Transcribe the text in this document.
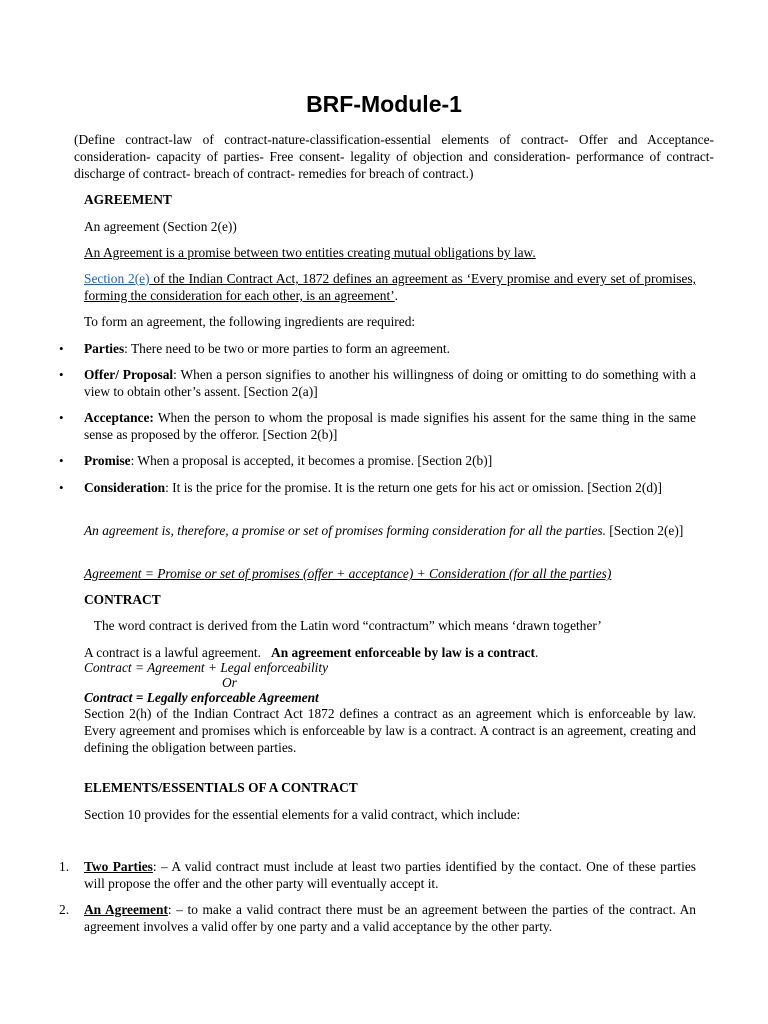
BRF-Module-1

(Define contract-law of contract-nature-classification-essential elements of contract- Offer and Acceptance- consideration- capacity of parties- Free consent- legality of objection and consideration- performance of contract- discharge of contract- breach of contract- remedies for breach of contract.)

AGREEMENT

An agreement (Section 2(e))

An Agreement is a promise between two entities creating mutual obligations by law.

Section 2(e) of the Indian Contract Act, 1872 defines an agreement as ‘Every promise and every set of promises, forming the consideration for each other, is an agreement’.

To form an agreement, the following ingredients are required:

•	Parties: There need to be two or more parties to form an agreement.

•	Offer/ Proposal: When a person signifies to another his willingness of doing or omitting to do something with a view to obtain other’s assent. [Section 2(a)]

•	Acceptance: When the person to whom the proposal is made signifies his assent for the same thing in the same sense as proposed by the offeror. [Section 2(b)]

•	Promise: When a proposal is accepted, it becomes a promise. [Section 2(b)]

•	Consideration: It is the price for the promise. It is the return one gets for his act or omission. [Section 2(d)]

An agreement is, therefore, a promise or set of promises forming consideration for all the parties. [Section 2(e)]

Agreement = Promise or set of promises (offer + acceptance) + Consideration (for all the parties)

CONTRACT

The word contract is derived from the Latin word “contractum” which means ‘drawn together’

A contract is a lawful agreement.   An agreement enforceable by law is a contract.

Contract = Agreement + Legal enforceability

Or

Contract = Legally enforceable Agreement

Section 2(h) of the Indian Contract Act 1872 defines a contract as an agreement which is enforceable by law. Every agreement and promises which is enforceable by law is a contract. A contract is an agreement, creating and defining the obligation between parties.

ELEMENTS/ESSENTIALS OF A CONTRACT

Section 10 provides for the essential elements for a valid contract, which include:

1.	Two Parties: – A valid contract must include at least two parties identified by the contact. One of these parties will propose the offer and the other party will eventually accept it.

2.	An Agreement: – to make a valid contract there must be an agreement between the parties of the contract. An agreement involves a valid offer by one party and a valid acceptance by the other party.
